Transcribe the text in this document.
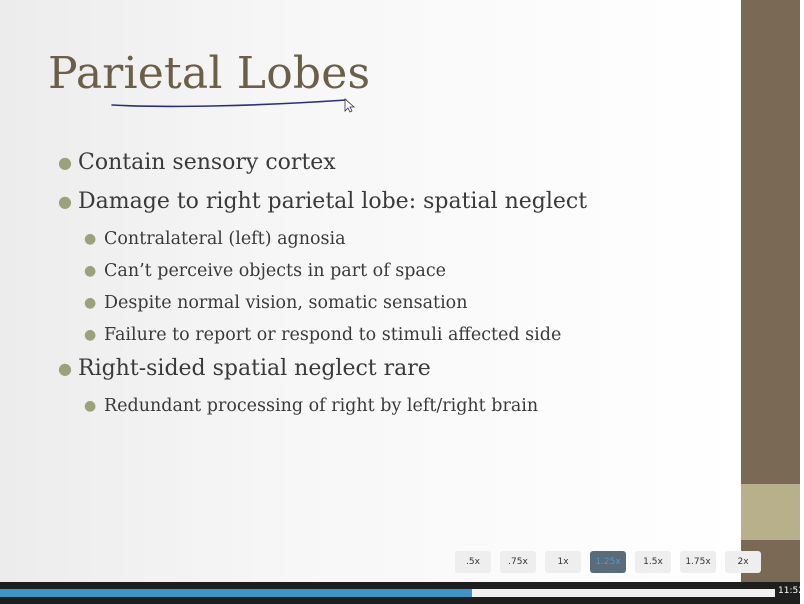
Parietal Lobes
● Contain sensory cortex
● Damage to right parietal lobe: spatial neglect
● Contralateral (left) agnosia
● Can’t perceive objects in part of space
● Despite normal vision, somatic sensation
● Failure to report or respond to stimuli affected side
● Right-sided spatial neglect rare
● Redundant processing of right by left/right brain
.5x	.75x	1x	1.25x	1.5x	1.75x	2x
11:52
